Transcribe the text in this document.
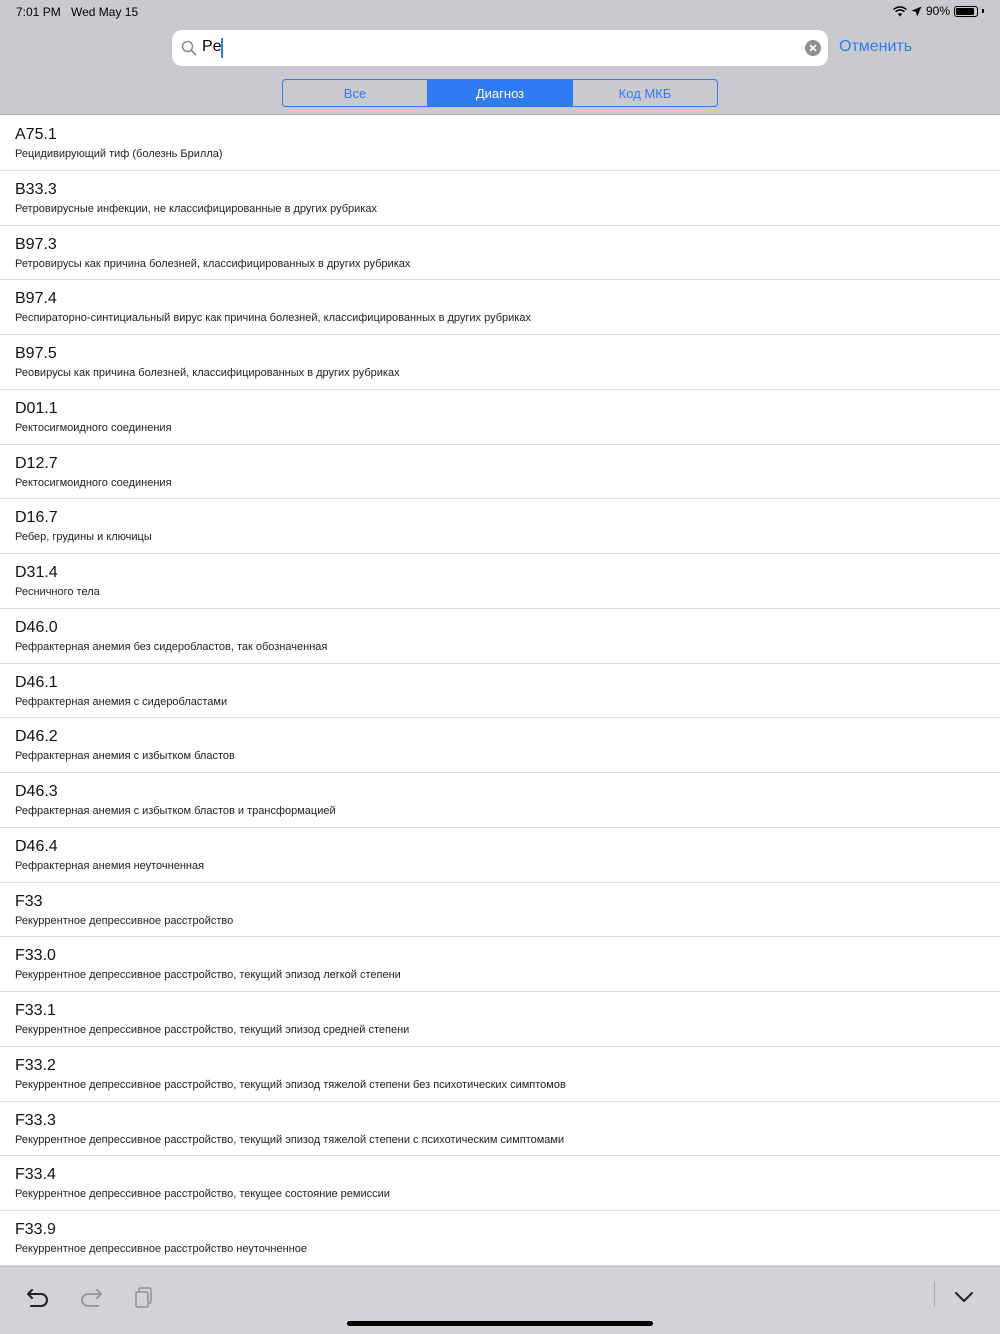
7:01 PM Wed May 15	90%
Pe
Отменить
Все	Диагноз	Код МКБ
A75.1
Рецидивирующий тиф (болезнь Брилла)
B33.3
Ретровирусные инфекции, не классифицированные в других рубриках
B97.3
Ретровирусы как причина болезней, классифицированных в других рубриках
B97.4
Респираторно-синтициальный вирус как причина болезней, классифицированных в других рубриках
B97.5
Реовирусы как причина болезней, классифицированных в других рубриках
D01.1
Ректосигмоидного соединения
D12.7
Ректосигмоидного соединения
D16.7
Ребер, грудины и ключицы
D31.4
Ресничного тела
D46.0
Рефрактерная анемия без сидеробластов, так обозначенная
D46.1
Рефрактерная анемия с сидеробластами
D46.2
Рефрактерная анемия с избытком бластов
D46.3
Рефрактерная анемия с избытком бластов и трансформацией
D46.4
Рефрактерная анемия неуточненная
F33
Рекуррентное депрессивное расстройство
F33.0
Рекуррентное депрессивное расстройство, текущий эпизод легкой степени
F33.1
Рекуррентное депрессивное расстройство, текущий эпизод средней степени
F33.2
Рекуррентное депрессивное расстройство, текущий эпизод тяжелой степени без психотических симптомов
F33.3
Рекуррентное депрессивное расстройство, текущий эпизод тяжелой степени с психотическим симптомами
F33.4
Рекуррентное депрессивное расстройство, текущее состояние ремиссии
F33.9
Рекуррентное депрессивное расстройство неуточненное
